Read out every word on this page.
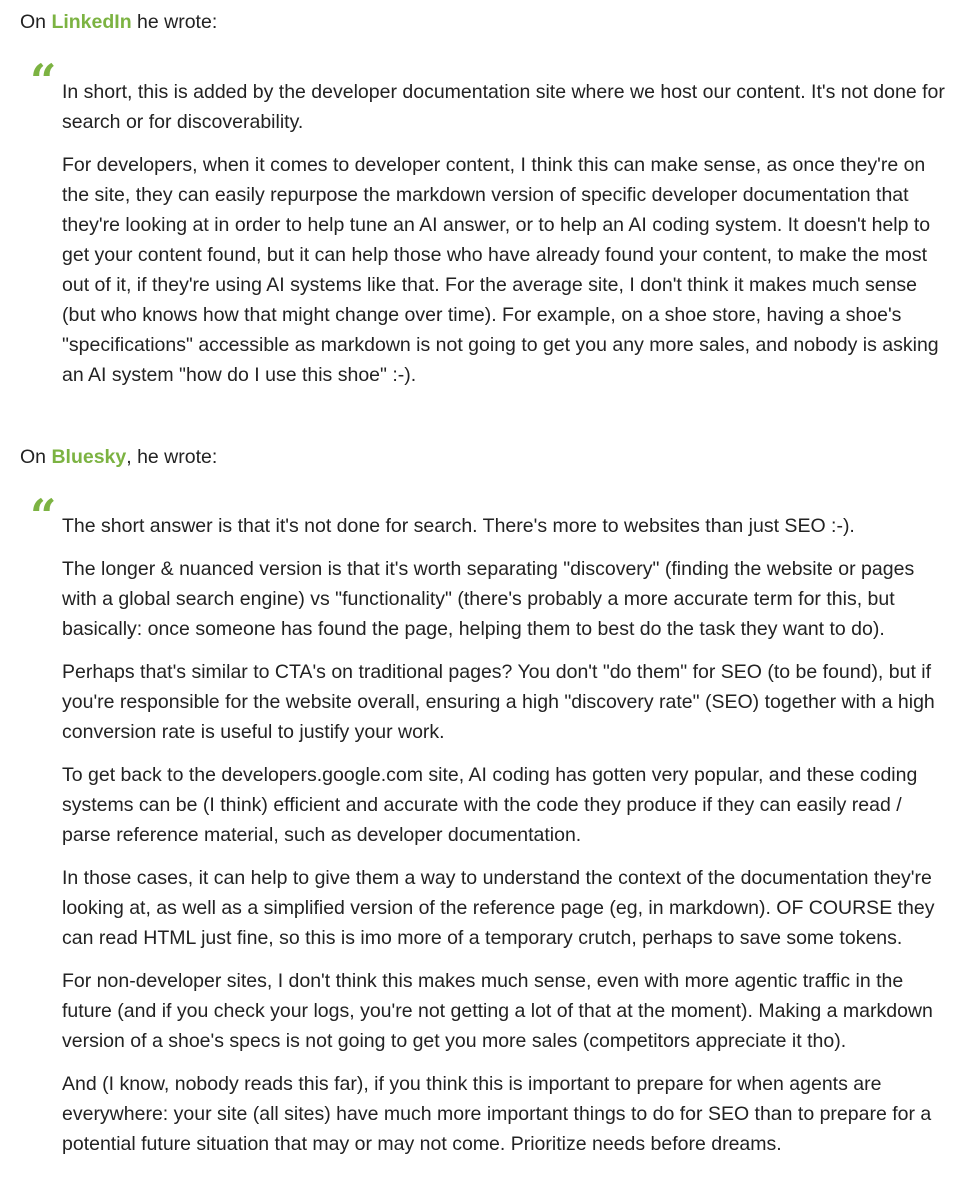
On LinkedIn he wrote:

“ In short, this is added by the developer documentation site where we host our content. It's not done for search or for discoverability.

For developers, when it comes to developer content, I think this can make sense, as once they're on the site, they can easily repurpose the markdown version of specific developer documentation that they're looking at in order to help tune an AI answer, or to help an AI coding system. It doesn't help to get your content found, but it can help those who have already found your content, to make the most out of it, if they're using AI systems like that. For the average site, I don't think it makes much sense (but who knows how that might change over time). For example, on a shoe store, having a shoe's "specifications" accessible as markdown is not going to get you any more sales, and nobody is asking an AI system "how do I use this shoe" :-).

On Bluesky, he wrote:

“ The short answer is that it's not done for search. There's more to websites than just SEO :-).

The longer & nuanced version is that it's worth separating "discovery" (finding the website or pages with a global search engine) vs "functionality" (there's probably a more accurate term for this, but basically: once someone has found the page, helping them to best do the task they want to do).

Perhaps that's similar to CTA's on traditional pages? You don't "do them" for SEO (to be found), but if you're responsible for the website overall, ensuring a high "discovery rate" (SEO) together with a high conversion rate is useful to justify your work.

To get back to the developers.google.com site, AI coding has gotten very popular, and these coding systems can be (I think) efficient and accurate with the code they produce if they can easily read / parse reference material, such as developer documentation.

In those cases, it can help to give them a way to understand the context of the documentation they're looking at, as well as a simplified version of the reference page (eg, in markdown). OF COURSE they can read HTML just fine, so this is imo more of a temporary crutch, perhaps to save some tokens.

For non-developer sites, I don't think this makes much sense, even with more agentic traffic in the future (and if you check your logs, you're not getting a lot of that at the moment). Making a markdown version of a shoe's specs is not going to get you more sales (competitors appreciate it tho).

And (I know, nobody reads this far), if you think this is important to prepare for when agents are everywhere: your site (all sites) have much more important things to do for SEO than to prepare for a potential future situation that may or may not come. Prioritize needs before dreams.
